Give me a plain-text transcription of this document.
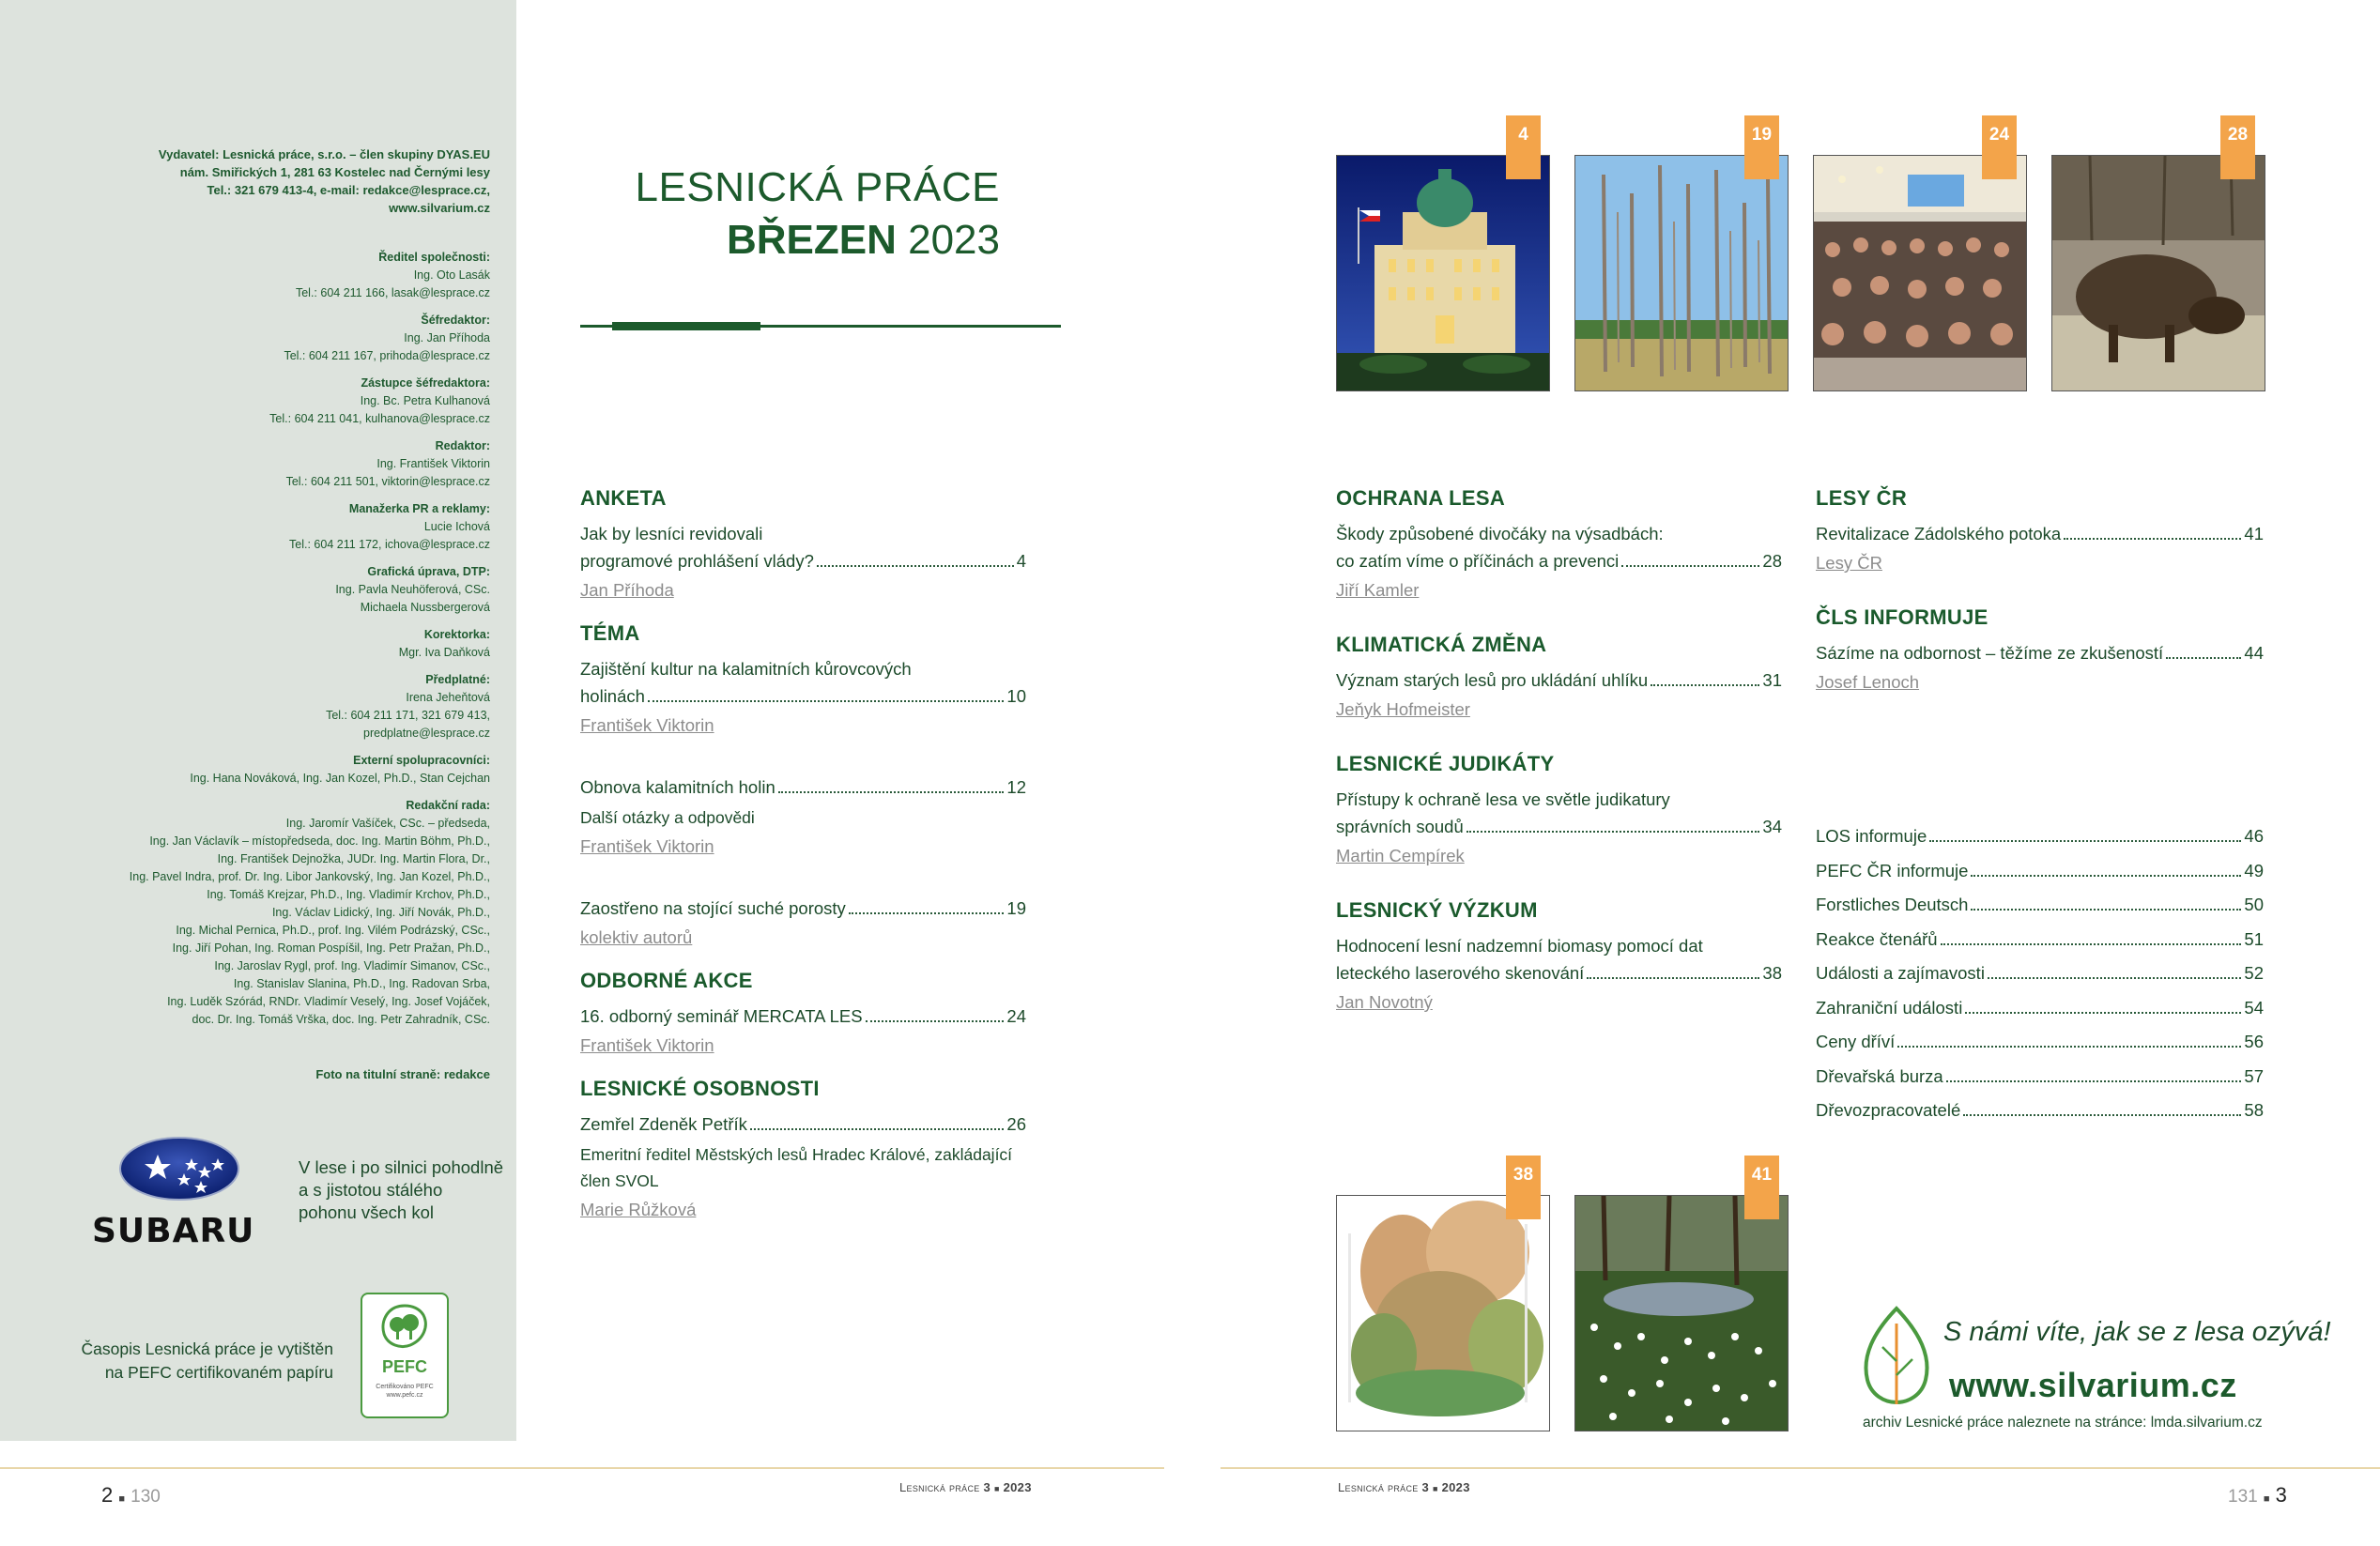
Vydavatel: Lesnická práce, s.r.o. – člen skupiny DYAS.EU
nám. Smiřických 1, 281 63 Kostelec nad Černými lesy
Tel.: 321 679 413-4, e-mail: redakce@lesprace.cz,
www.silvarium.cz
Ředitel společnosti:
Ing. Oto Lasák
Tel.: 604 211 166, lasak@lesprace.cz
Šéfredaktor:
Ing. Jan Příhoda
Tel.: 604 211 167, prihoda@lesprace.cz
Zástupce šéfredaktora:
Ing. Bc. Petra Kulhanová
Tel.: 604 211 041, kulhanova@lesprace.cz
Redaktor:
Ing. František Viktorin
Tel.: 604 211 501, viktorin@lesprace.cz
Manažerka PR a reklamy:
Lucie Ichová
Tel.: 604 211 172, ichova@lesprace.cz
Grafická úprava, DTP:
Ing. Pavla Neuhöferová, CSc.
Michaela Nussbergerová
Korektorka:
Mgr. Iva Daňková
Předplatné:
Irena Jeheňtová
Tel.: 604 211 171, 321 679 413,
predplatne@lesprace.cz
Externí spolupracovníci:
Ing. Hana Nováková, Ing. Jan Kozel, Ph.D., Stan Cejchan
Redakční rada:
Ing. Jaromír Vašíček, CSc. – předseda,
Ing. Jan Václavík – místopředseda, doc. Ing. Martin Böhm, Ph.D.,
Ing. František Dejnožka, JUDr. Ing. Martin Flora, Dr.,
Ing. Pavel Indra, prof. Dr. Ing. Libor Jankovský, Ing. Jan Kozel, Ph.D.,
Ing. Tomáš Krejzar, Ph.D., Ing. Vladimír Krchov, Ph.D.,
Ing. Václav Lidický, Ing. Jiří Novák, Ph.D.,
Ing. Michal Pernica, Ph.D., prof. Ing. Vilém Podrázský, CSc.,
Ing. Jiří Pohan, Ing. Roman Pospíšil, Ing. Petr Pražan, Ph.D.,
Ing. Jaroslav Rygl, prof. Ing. Vladimír Simanov, CSc.,
Ing. Stanislav Slanina, Ph.D., Ing. Radovan Srba,
Ing. Luděk Szórád, RNDr. Vladimír Veselý, Ing. Josef Vojáček,
doc. Dr. Ing. Tomáš Vrška, doc. Ing. Petr Zahradník, CSc.
Foto na titulní straně: redakce
SUBARU
V lese i po silnici pohodlně a s jistotou stálého pohonu všech kol
Časopis Lesnická práce je vytištěn na PEFC certifikovaném papíru	PEFC
Certifikováno PEFC
www.pefc.cz
LESNICKÁ PRÁCE
BŘEZEN 2023
ANKETA
Jak by lesníci revidovali
programové prohlášení vlády?	4
Jan Příhoda
TÉMA
Zajištění kultur na kalamitních kůrovcových
holinách	10
František Viktorin
Obnova kalamitních holin	12
Další otázky a odpovědi
František Viktorin
Zaostřeno na stojící suché porosty	19
kolektiv autorů
ODBORNÉ AKCE
16. odborný seminář MERCATA LES	24
František Viktorin
LESNICKÉ OSOBNOSTI
Zemřel Zdeněk Petřík	26
Emeritní ředitel Městských lesů Hradec Králové, zakládající člen SVOL
Marie Růžková
2 ■ 130	Lesnická práce 3 ■ 2023	Lesnická práce 3 ■ 2023	131 ■ 3
4	19	24	28
38	41
OCHRANA LESA
Škody způsobené divočáky na výsadbách:
co zatím víme o příčinách a prevenci	28
Jiří Kamler
KLIMATICKÁ ZMĚNA
Význam starých lesů pro ukládání uhlíku	31
Jeňyk Hofmeister
LESNICKÉ JUDIKÁTY
Přístupy k ochraně lesa ve světle judikatury
správních soudů	34
Martin Cempírek
LESNICKÝ VÝZKUM
Hodnocení lesní nadzemní biomasy pomocí dat
leteckého laserového skenování	38
Jan Novotný
LESY ČR
Revitalizace Zádolského potoka	41
Lesy ČR
ČLS INFORMUJE
Sázíme na odbornost – těžíme ze zkušeností	44
Josef Lenoch
LOS informuje	46
PEFC ČR informuje	49
Forstliches Deutsch	50
Reakce čtenářů	51
Události a zajímavosti	52
Zahraniční události	54
Ceny dříví	56
Dřevařská burza	57
Dřevozpracovatelé	58
S námi víte, jak se z lesa ozývá!
www.silvarium.cz
archiv Lesnické práce naleznete na stránce: lmda.silvarium.cz
